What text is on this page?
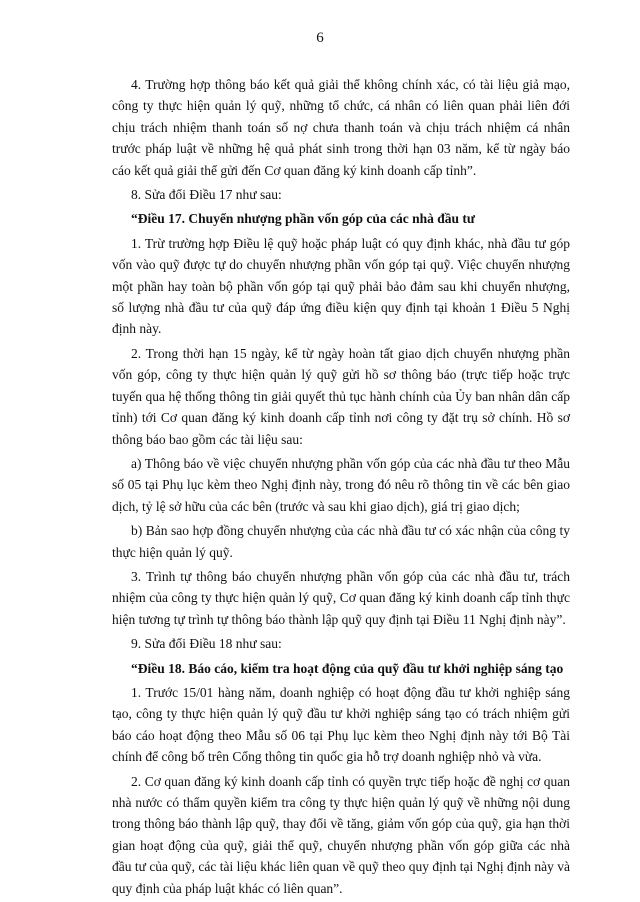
6

4. Trường hợp thông báo kết quả giải thể không chính xác, có tài liệu giả mạo, công ty thực hiện quản lý quỹ, những tổ chức, cá nhân có liên quan phải liên đới chịu trách nhiệm thanh toán số nợ chưa thanh toán và chịu trách nhiệm cá nhân trước pháp luật về những hệ quả phát sinh trong thời hạn 03 năm, kể từ ngày báo cáo kết quả giải thể gửi đến Cơ quan đăng ký kinh doanh cấp tỉnh”.

8. Sửa đổi Điều 17 như sau:

“Điều 17. Chuyển nhượng phần vốn góp của các nhà đầu tư

1. Trừ trường hợp Điều lệ quỹ hoặc pháp luật có quy định khác, nhà đầu tư góp vốn vào quỹ được tự do chuyển nhượng phần vốn góp tại quỹ. Việc chuyển nhượng một phần hay toàn bộ phần vốn góp tại quỹ phải bảo đảm sau khi chuyển nhượng, số lượng nhà đầu tư của quỹ đáp ứng điều kiện quy định tại khoản 1 Điều 5 Nghị định này.

2. Trong thời hạn 15 ngày, kể từ ngày hoàn tất giao dịch chuyển nhượng phần vốn góp, công ty thực hiện quản lý quỹ gửi hồ sơ thông báo (trực tiếp hoặc trực tuyến qua hệ thống thông tin giải quyết thủ tục hành chính của Ủy ban nhân dân cấp tỉnh) tới Cơ quan đăng ký kinh doanh cấp tỉnh nơi công ty đặt trụ sở chính. Hồ sơ thông báo bao gồm các tài liệu sau:

a) Thông báo về việc chuyển nhượng phần vốn góp của các nhà đầu tư theo Mẫu số 05 tại Phụ lục kèm theo Nghị định này, trong đó nêu rõ thông tin về các bên giao dịch, tỷ lệ sở hữu của các bên (trước và sau khi giao dịch), giá trị giao dịch;

b) Bản sao hợp đồng chuyển nhượng của các nhà đầu tư có xác nhận của công ty thực hiện quản lý quỹ.

3. Trình tự thông báo chuyển nhượng phần vốn góp của các nhà đầu tư, trách nhiệm của công ty thực hiện quản lý quỹ, Cơ quan đăng ký kinh doanh cấp tỉnh thực hiện tương tự trình tự thông báo thành lập quỹ quy định tại Điều 11 Nghị định này”.

9. Sửa đổi Điều 18 như sau:

“Điều 18. Báo cáo, kiểm tra hoạt động của quỹ đầu tư khởi nghiệp sáng tạo

1. Trước 15/01 hàng năm, doanh nghiệp có hoạt động đầu tư khởi nghiệp sáng tạo, công ty thực hiện quản lý quỹ đầu tư khởi nghiệp sáng tạo có trách nhiệm gửi báo cáo hoạt động theo Mẫu số 06 tại Phụ lục kèm theo Nghị định này tới Bộ Tài chính để công bố trên Cổng thông tin quốc gia hỗ trợ doanh nghiệp nhỏ và vừa.

2. Cơ quan đăng ký kinh doanh cấp tỉnh có quyền trực tiếp hoặc đề nghị cơ quan nhà nước có thẩm quyền kiểm tra công ty thực hiện quản lý quỹ về những nội dung trong thông báo thành lập quỹ, thay đổi về tăng, giảm vốn góp của quỹ, gia hạn thời gian hoạt động của quỹ, giải thể quỹ, chuyển nhượng phần vốn góp giữa các nhà đầu tư của quỹ, các tài liệu khác liên quan về quỹ theo quy định tại Nghị định này và quy định của pháp luật khác có liên quan”.
